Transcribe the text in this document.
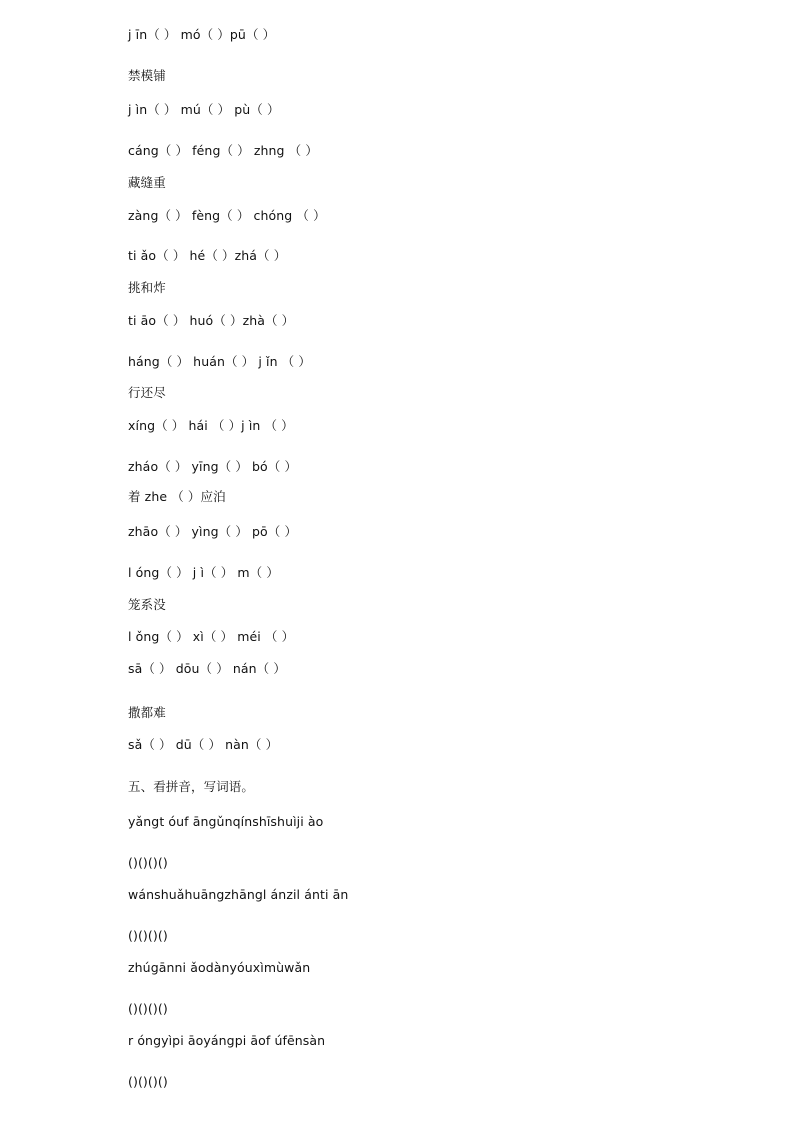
j īn（ ） mó（ ）pū（ ）
禁模铺
j ìn（ ） mú（ ） pù（ ）
cáng（ ） féng（ ） zhng （ ）
藏缝重
zàng（ ） fèng（ ） chóng （ ）
ti ǎo（ ） hé（ ）zhá（ ）
挑和炸
ti āo（ ） huó（ ）zhà（ ）
háng（ ） huán（ ） j ǐn （ ）
行还尽
xíng（ ） hái （ ）j ìn （ ）
zháo（ ） yīng（ ） bó（ ）
着 zhe （ ）应泊
zhāo（ ） yìng（ ） pō（ ）
l óng（ ） j ì（ ） m（ ）
笼系没
l ǒng（ ） xì（ ） méi （ ）
sā（ ） dōu（ ） nán（ ）
撒都难
sǎ（ ） dū（ ） nàn（ ）
五、看拼音，写词语。
yǎngt óuf āngǔnqínshīshuìji ào
()()()()
wánshuǎhuāngzhāngl ánzil ánti ān
()()()()
zhúgānni ǎodànyóuxìmùwǎn
()()()()
r óngyìpi āoyángpi āof úfēnsàn
()()()()
